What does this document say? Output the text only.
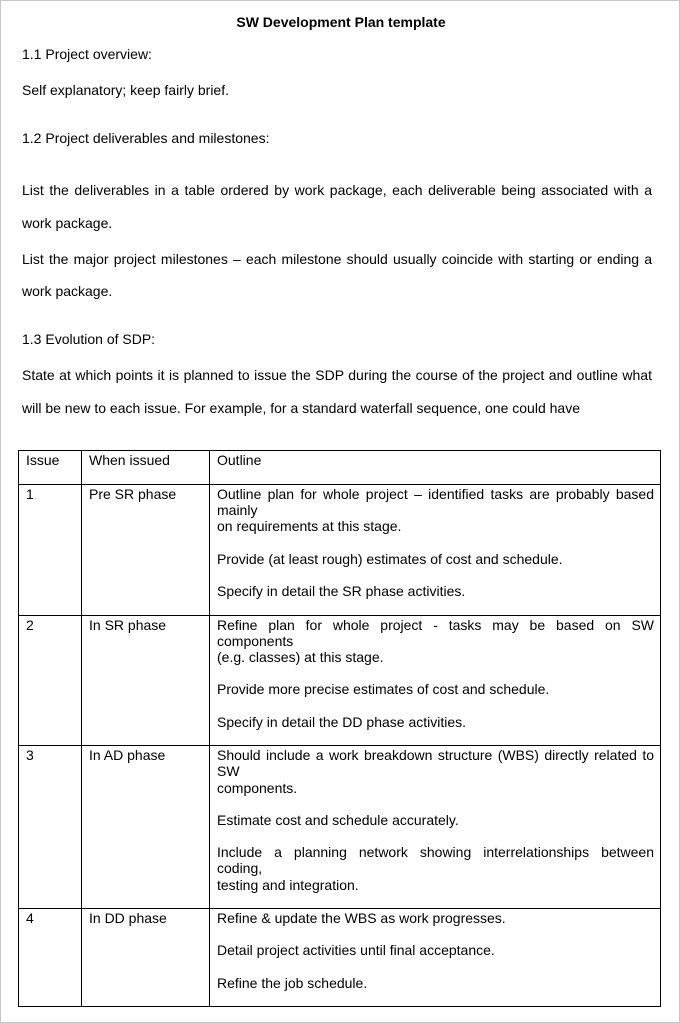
SW Development Plan template
1.1 Project overview:
Self explanatory; keep fairly brief.
1.2 Project deliverables and milestones:
List the deliverables in a table ordered by work package, each deliverable being associated with a
work package.
List the major project milestones – each milestone should usually coincide with starting or ending a
work package.
1.3 Evolution of SDP:
State at which points it is planned to issue the SDP during the course of the project and outline what
will be new to each issue. For example, for a standard waterfall sequence, one could have
Issue	When issued	Outline

1	Pre SR phase	Outline plan for whole project – identified tasks are probably based mainly
on requirements at this stage.
Provide (at least rough) estimates of cost and schedule.
Specify in detail the SR phase activities.

2	In SR phase	Refine plan for whole project - tasks may be based on SW components
(e.g. classes) at this stage.
Provide more precise estimates of cost and schedule.
Specify in detail the DD phase activities.

3	In AD phase	Should include a work breakdown structure (WBS) directly related to SW
components.
Estimate cost and schedule accurately.
Include a planning network showing interrelationships between coding,
testing and integration.

4	In DD phase	Refine & update the WBS as work progresses.
Detail project activities until final acceptance.
Refine the job schedule.
